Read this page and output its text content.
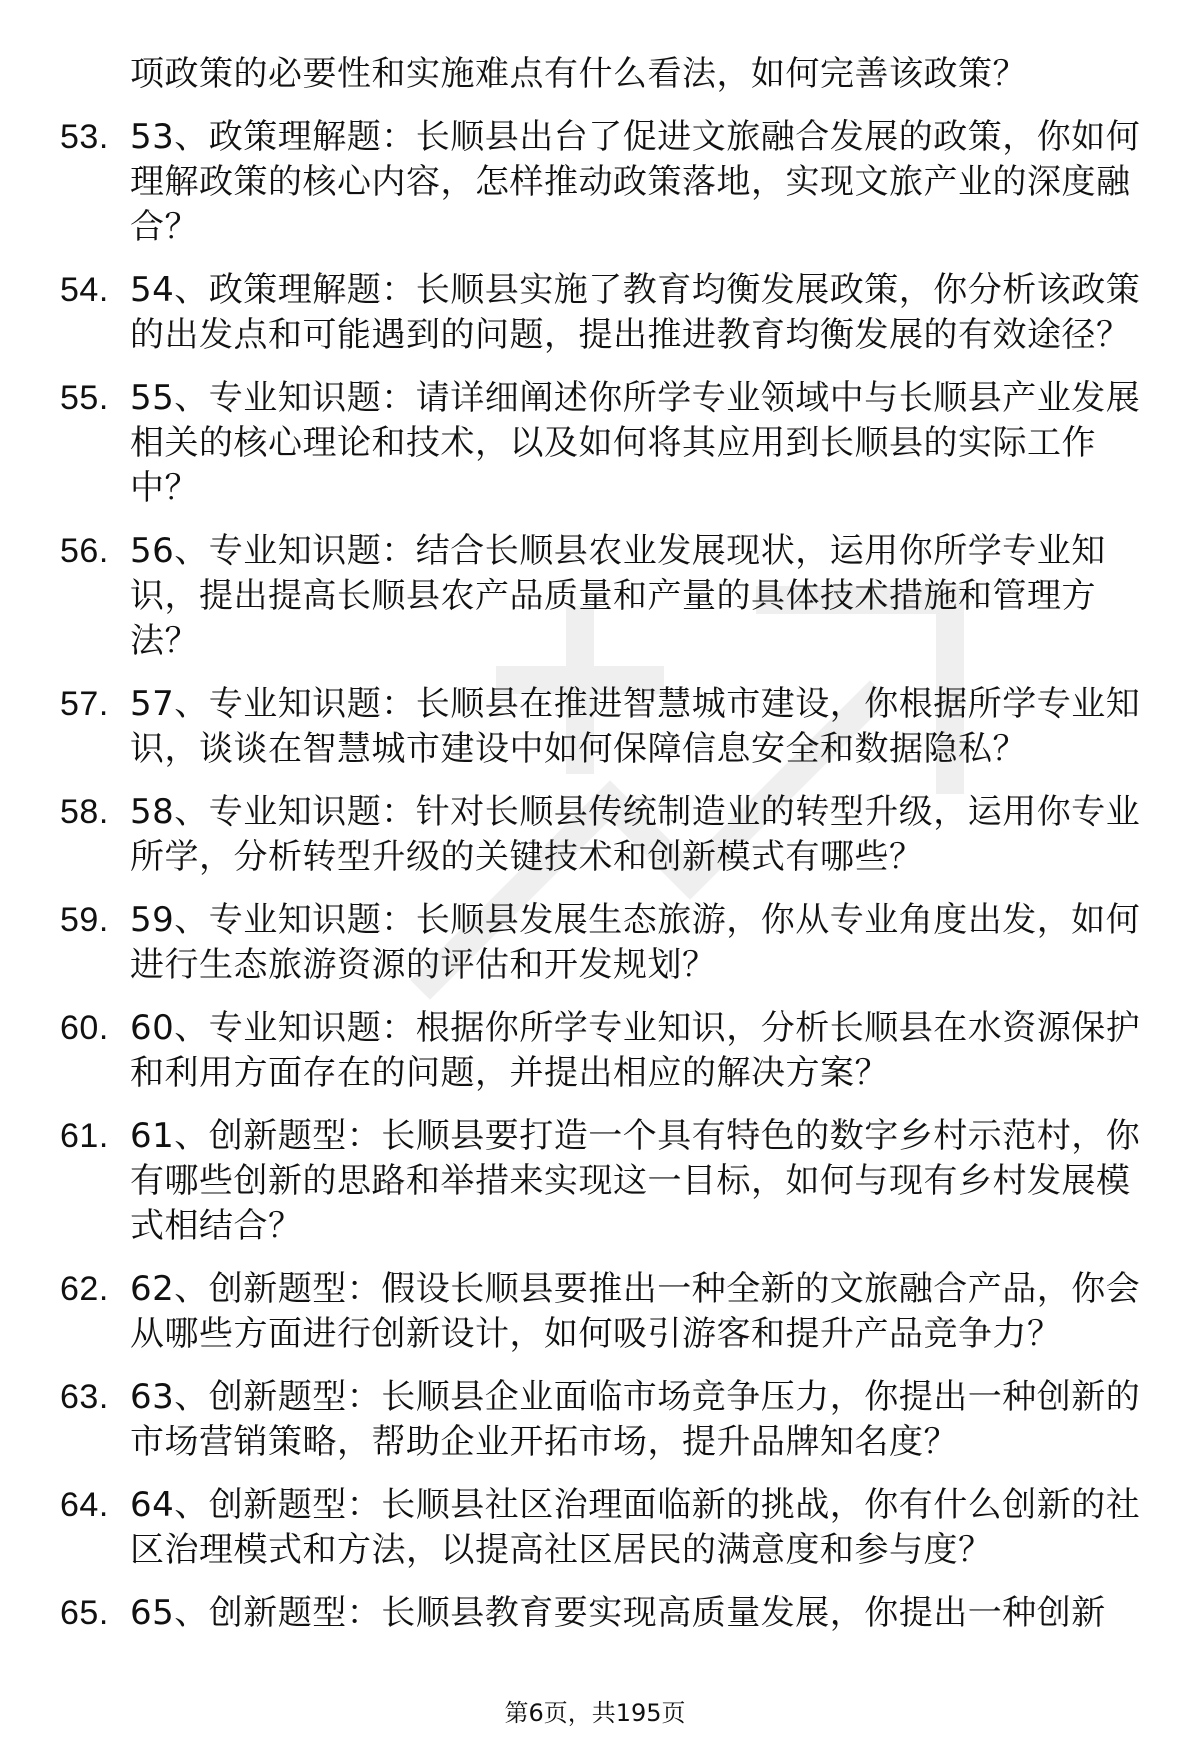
项政策的必要性和实施难点有什么看法，如何完善该政策？
53. 53、政策理解题：长顺县出台了促进文旅融合发展的政策，你如何理解政策的核心内容，怎样推动政策落地，实现文旅产业的深度融合？
54. 54、政策理解题：长顺县实施了教育均衡发展政策，你分析该政策的出发点和可能遇到的问题，提出推进教育均衡发展的有效途径？
55. 55、专业知识题：请详细阐述你所学专业领域中与长顺县产业发展相关的核心理论和技术，以及如何将其应用到长顺县的实际工作中？
56. 56、专业知识题：结合长顺县农业发展现状，运用你所学专业知识，提出提高长顺县农产品质量和产量的具体技术措施和管理方法？
57. 57、专业知识题：长顺县在推进智慧城市建设，你根据所学专业知识，谈谈在智慧城市建设中如何保障信息安全和数据隐私？
58. 58、专业知识题：针对长顺县传统制造业的转型升级，运用你专业所学，分析转型升级的关键技术和创新模式有哪些？
59. 59、专业知识题：长顺县发展生态旅游，你从专业角度出发，如何进行生态旅游资源的评估和开发规划？
60. 60、专业知识题：根据你所学专业知识，分析长顺县在水资源保护和利用方面存在的问题，并提出相应的解决方案？
61. 61、创新题型：长顺县要打造一个具有特色的数字乡村示范村，你有哪些创新的思路和举措来实现这一目标，如何与现有乡村发展模式相结合？
62. 62、创新题型：假设长顺县要推出一种全新的文旅融合产品，你会从哪些方面进行创新设计，如何吸引游客和提升产品竞争力？
63. 63、创新题型：长顺县企业面临市场竞争压力，你提出一种创新的市场营销策略，帮助企业开拓市场，提升品牌知名度？
64. 64、创新题型：长顺县社区治理面临新的挑战，你有什么创新的社区治理模式和方法，以提高社区居民的满意度和参与度？
65. 65、创新题型：长顺县教育要实现高质量发展，你提出一种创新
第6页，共195页
